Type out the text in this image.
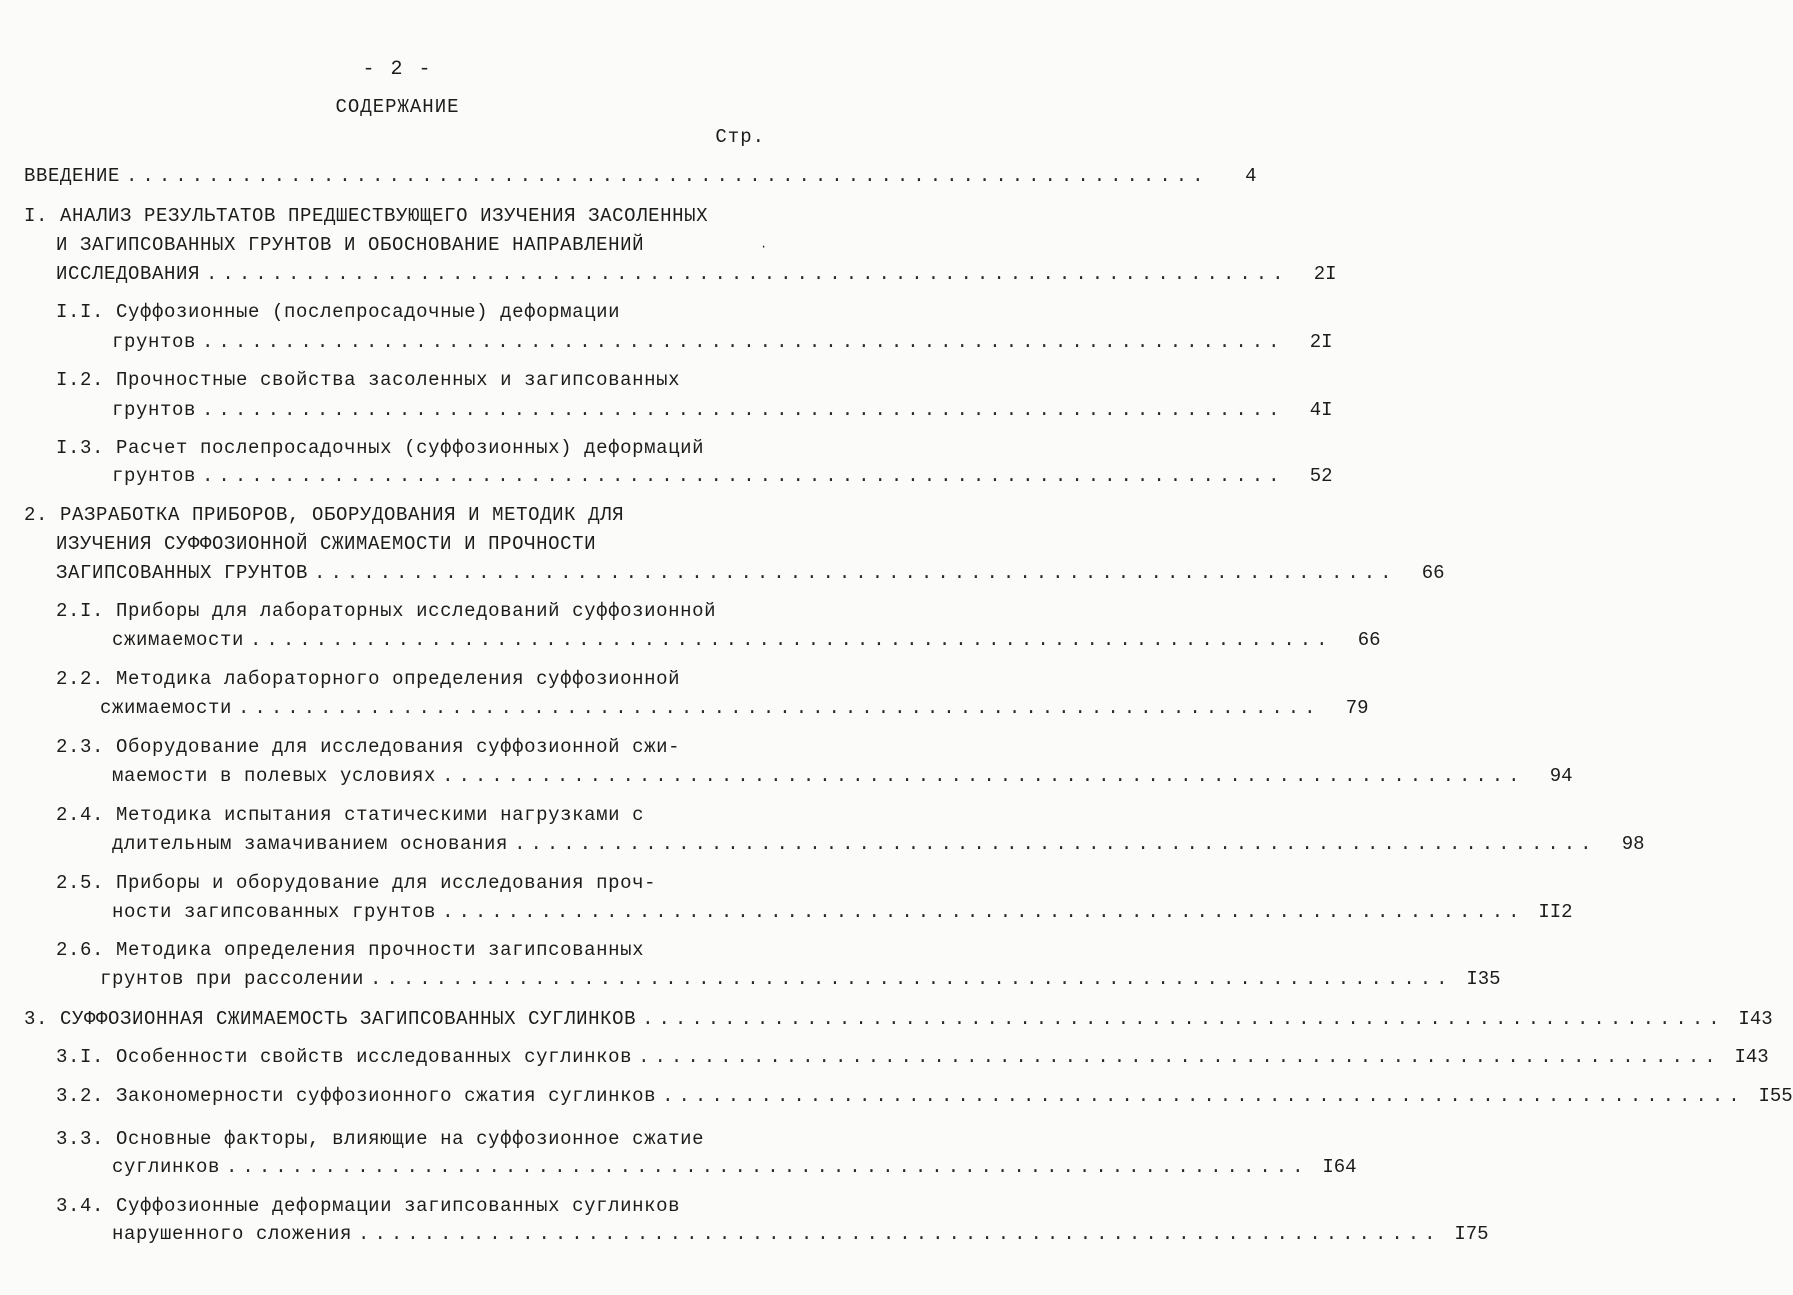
- 2 -
СОДЕРЖАНИЕ
Стр.
ВВЕДЕНИЕ ..................................................................	4
I. АНАЛИЗ РЕЗУЛЬТАТОВ ПРЕДШЕСТВУЮЩЕГО ИЗУЧЕНИЯ ЗАСОЛЕННЫХ
И ЗАГИПСОВАННЫХ ГРУНТОВ И ОБОСНОВАНИЕ НАПРАВЛЕНИЙ
ИССЛЕДОВАНИЯ ..................................................................	2I
I.I. Суффозионные (послепросадочные) деформации
грунтов ..................................................................	2I
I.2. Прочностные свойства засоленных и загипсованных
грунтов ..................................................................	4I
I.3. Расчет послепросадочных (суффозионных) деформаций
грунтов ..................................................................	52
2. РАЗРАБОТКА ПРИБОРОВ, ОБОРУДОВАНИЯ И МЕТОДИК ДЛЯ
ИЗУЧЕНИЯ СУФФОЗИОННОЙ СЖИМАЕМОСТИ И ПРОЧНОСТИ
ЗАГИПСОВАННЫХ ГРУНТОВ ..................................................................	66
2.I. Приборы для лабораторных исследований суффозионной
сжимаемости ..................................................................	66
2.2. Методика лабораторного определения суффозионной
сжимаемости ..................................................................	79
2.3. Оборудование для исследования суффозионной сжи-
маемости в полевых условиях ..................................................................	94
2.4. Методика испытания статическими нагрузками с
длительным замачиванием основания ..................................................................	98
2.5. Приборы и оборудование для исследования проч-
ности загипсованных грунтов .................................................................. II2
2.6. Методика определения прочности загипсованных
грунтов при рассолении .................................................................. I35
3. СУФФОЗИОННАЯ СЖИМАЕМОСТЬ ЗАГИПСОВАННЫХ СУГЛИНКОВ .................................................................. I43
3.I. Особенности свойств исследованных суглинков .................................................................. I43
3.2. Закономерности суффозионного сжатия суглинков .................................................................. I55
3.3. Основные факторы, влияющие на суффозионное сжатие
суглинков .................................................................. I64
3.4. Суффозионные деформации загипсованных суглинков
нарушенного сложения .................................................................. I75
·
